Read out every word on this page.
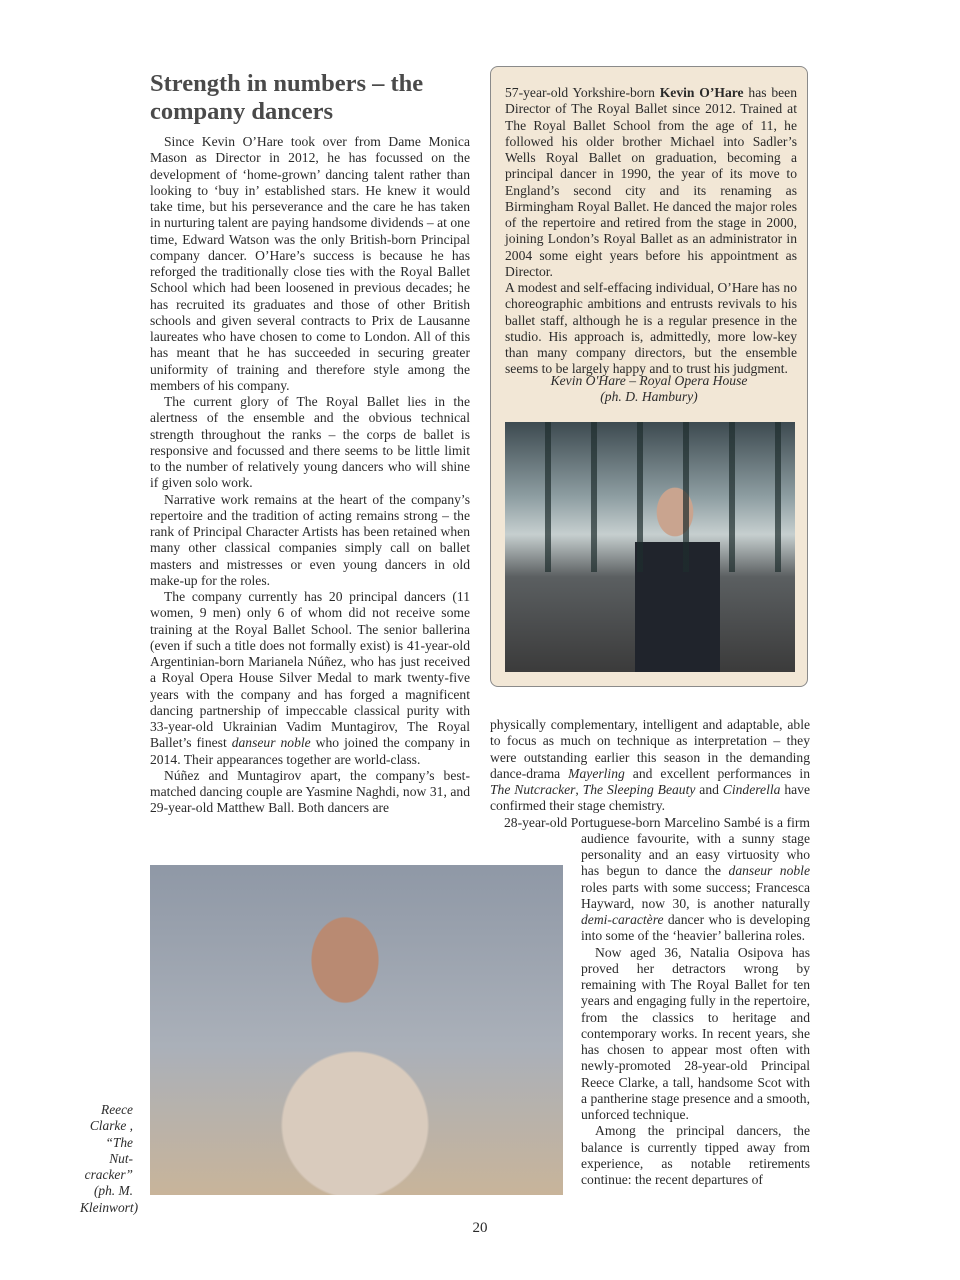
Strength in numbers – the company dancers

Since Kevin O’Hare took over from Dame Monica Mason as Director in 2012, he has focussed on the development of ‘home-grown’ dancing talent rather than looking to ‘buy in’ established stars. He knew it would take time, but his perseverance and the care he has taken in nurturing talent are paying handsome dividends – at one time, Edward Watson was the only British-born Principal company dancer. O’Hare’s success is because he has reforged the traditionally close ties with the Royal Ballet School which had been loosened in previous decades; he has recruited its graduates and those of other British schools and given several contracts to Prix de Lausanne laureates who have chosen to come to London. All of this has meant that he has succeeded in securing greater uniformity of training and therefore style among the members of his company.

The current glory of The Royal Ballet lies in the alertness of the ensemble and the obvious technical strength throughout the ranks – the corps de ballet is responsive and focussed and there seems to be little limit to the number of relatively young dancers who will shine if given solo work.

Narrative work remains at the heart of the company’s repertoire and the tradition of acting remains strong – the rank of Principal Character Artists has been retained when many other classical companies simply call on ballet masters and mistresses or even young dancers in old make-up for the roles.

The company currently has 20 principal dancers (11 women, 9 men) only 6 of whom did not receive some training at the Royal Ballet School. The senior ballerina (even if such a title does not formally exist) is 41-year-old Argentinian-born Marianela Núñez, who has just received a Royal Opera House Silver Medal to mark twenty-five years with the company and has forged a magnificent dancing partnership of impeccable classical purity with 33-year-old Ukrainian Vadim Muntagirov, The Royal Ballet’s finest danseur noble who joined the company in 2014. Their appearances together are world-class.

Núñez and Muntagirov apart, the company’s best-matched dancing couple are Yasmine Naghdi, now 31, and 29-year-old Matthew Ball. Both dancers are

57-year-old Yorkshire-born Kevin O’Hare has been Director of The Royal Ballet since 2012. Trained at The Royal Ballet School from the age of 11, he followed his older brother Michael into Sadler’s Wells Royal Ballet on graduation, becoming a principal dancer in 1990, the year of its move to England’s second city and its renaming as Birmingham Royal Ballet. He danced the major roles of the repertoire and retired from the stage in 2000, joining London’s Royal Ballet as an administrator in 2004 some eight years before his appointment as Director.

A modest and self-effacing individual, O’Hare has no choreographic ambitions and entrusts revivals to his ballet staff, although he is a regular presence in the studio. His approach is, admittedly, more low-key than many company directors, but the ensemble seems to be largely happy and to trust his judgment.

Kevin O'Hare – Royal Opera House
(ph. D. Hambury)

physically complementary, intelligent and adaptable, able to focus as much on technique as interpretation – they were outstanding earlier this season in the demanding dance-drama Mayerling and excellent performances in The Nutcracker, The Sleeping Beauty and Cinderella have confirmed their stage chemistry.

28-year-old Portuguese-born Marcelino Sambé is a firm audience favourite, with a sunny stage personality and an easy virtuosity who has begun to dance the danseur noble roles parts with some success; Francesca Hayward, now 30, is another naturally demi-caractère dancer who is developing into some of the ‘heavier’ ballerina roles.

Now aged 36, Natalia Osipova has proved her detractors wrong by remaining with The Royal Ballet for ten years and engaging fully in the repertoire, from the classics to heritage and contemporary works. In recent years, she has chosen to appear most often with newly-promoted 28-year-old Principal Reece Clarke, a tall, handsome Scot with a pantherine stage presence and a smooth, unforced technique.

Among the principal dancers, the balance is currently tipped away from experience, as notable retirements continue: the recent departures of

Reece Clarke , “The Nut-cracker” (ph. M. Kleinwort)
20
